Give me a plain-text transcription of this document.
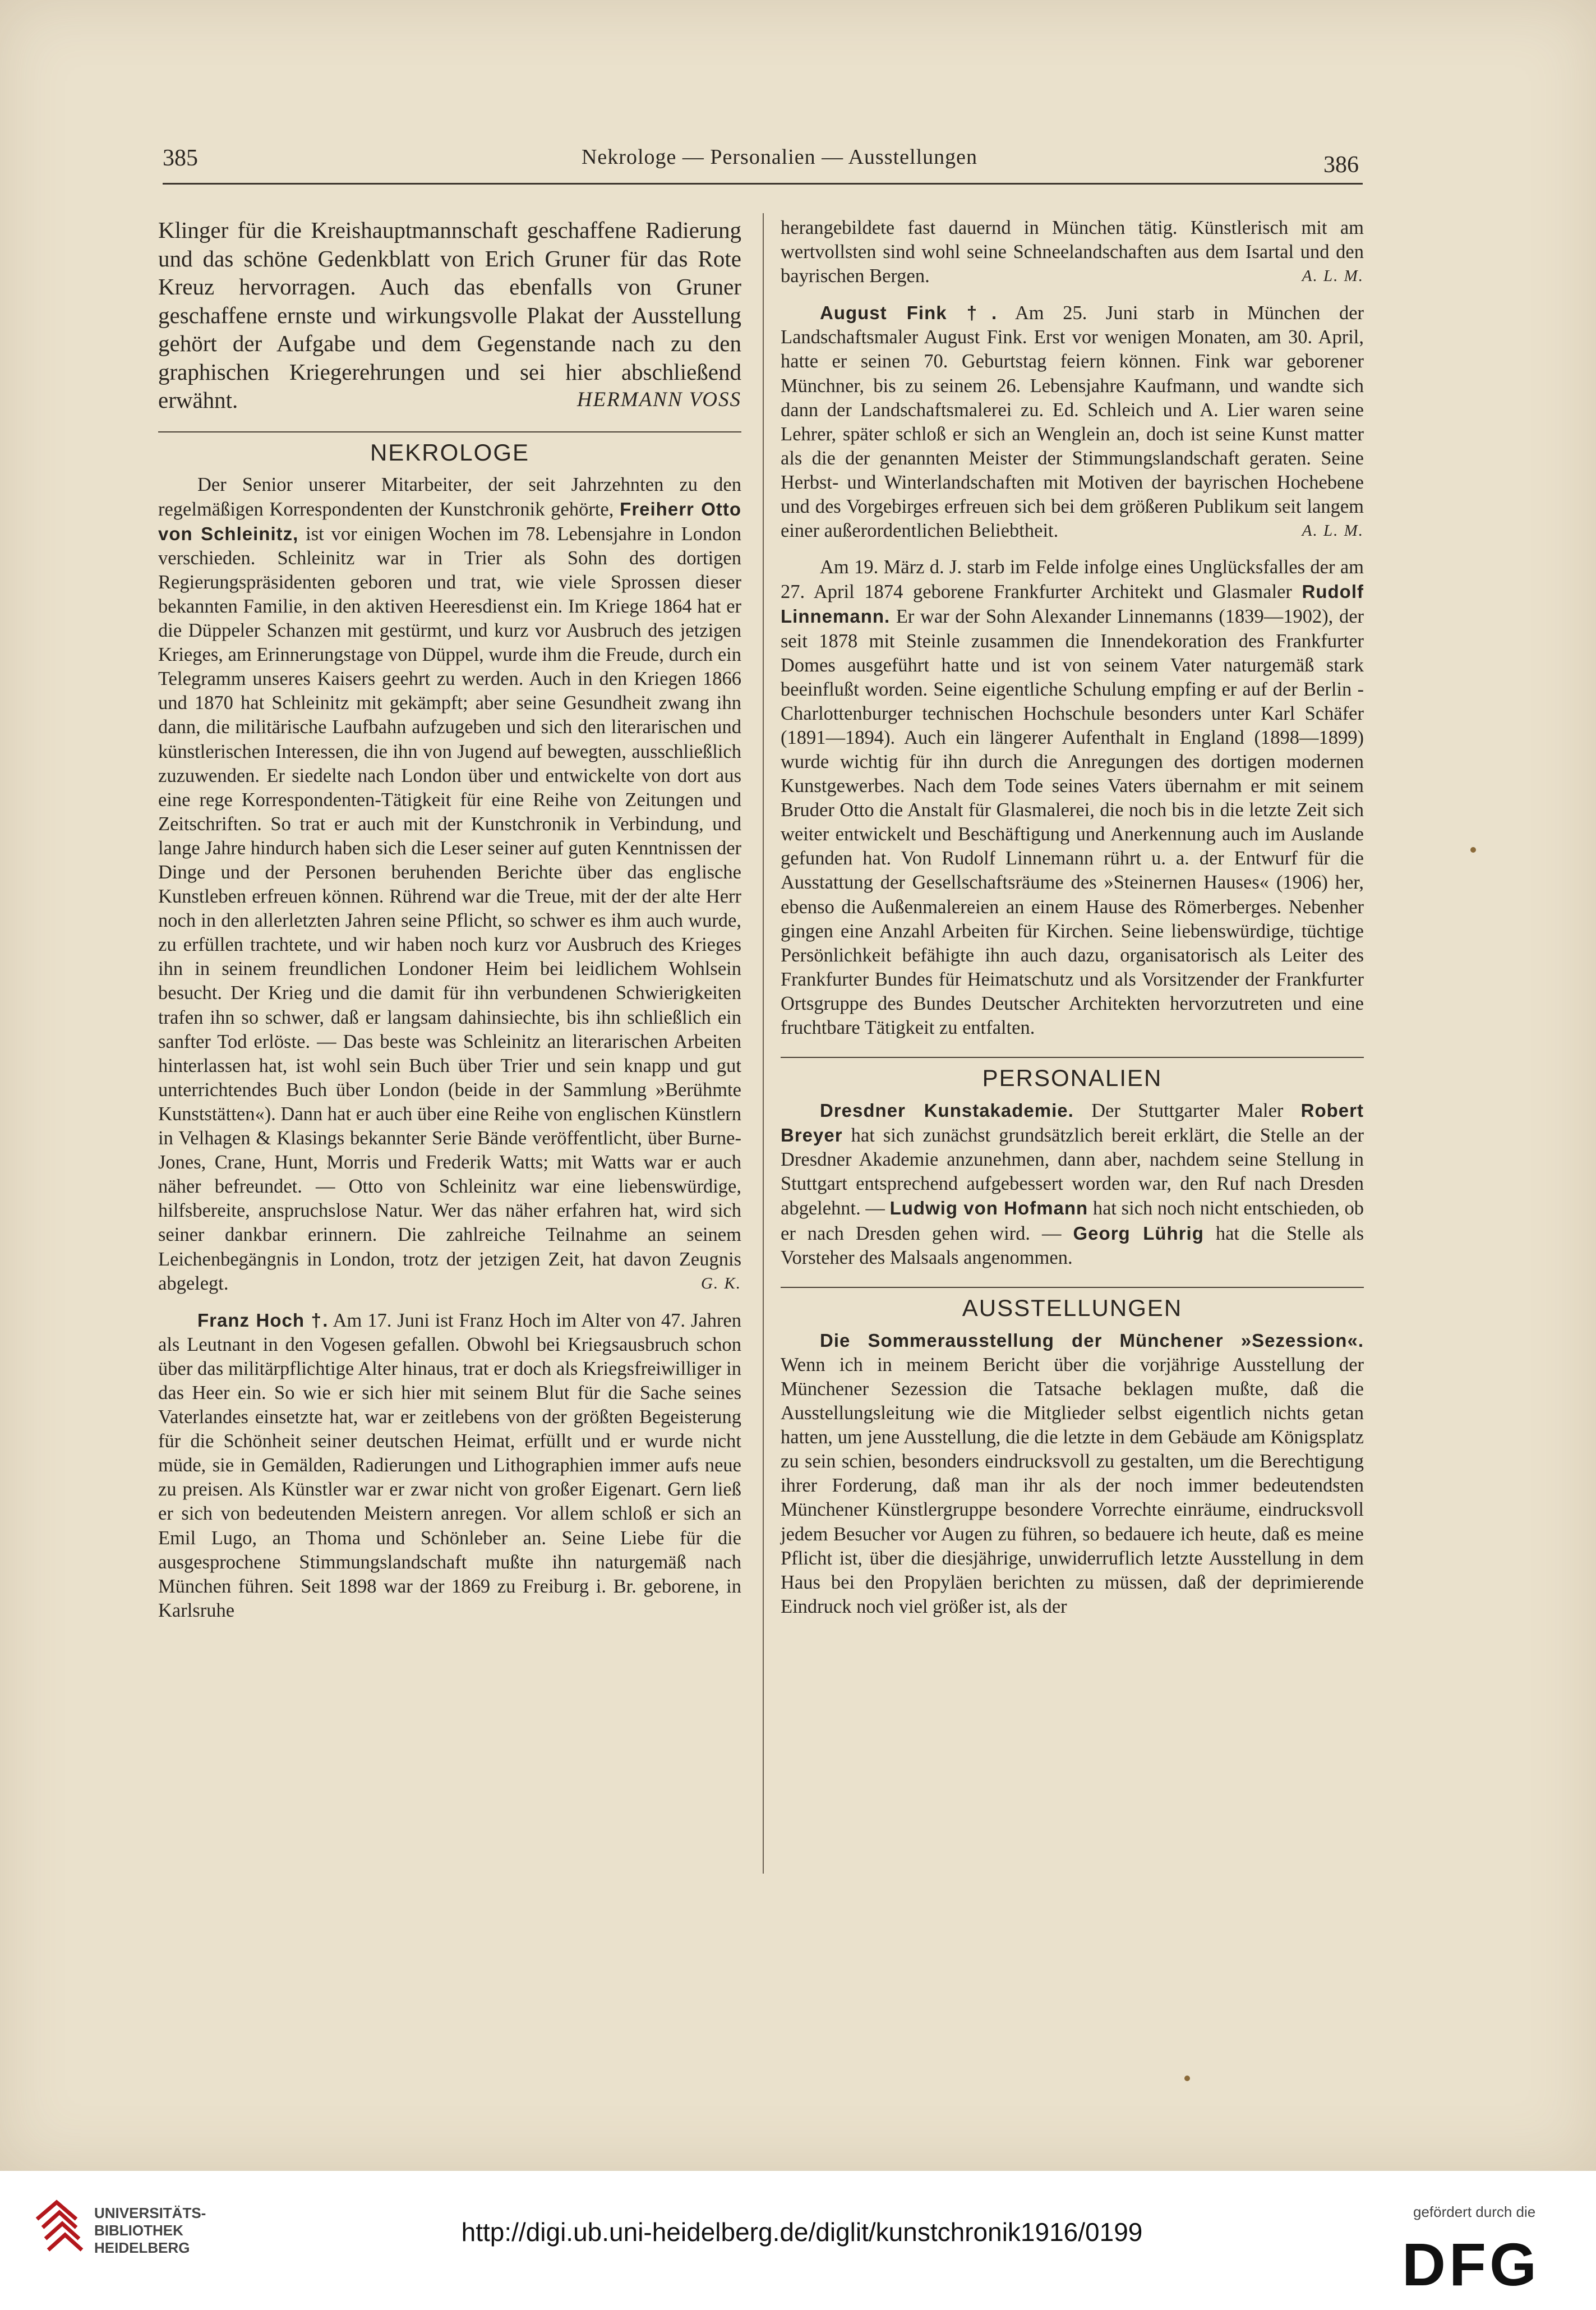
385	Nekrologe — Personalien — Ausstellungen	386

Klinger für die Kreishauptmannschaft geschaffene Radierung und das schöne Gedenkblatt von Erich Gruner für das Rote Kreuz hervorragen. Auch das ebenfalls von Gruner geschaffene ernste und wirkungsvolle Plakat der Ausstellung gehört der Aufgabe und dem Gegenstande nach zu den graphischen Kriegerehrungen und sei hier abschließend erwähnt.	HERMANN VOSS

NEKROLOGE

Der Senior unserer Mitarbeiter, der seit Jahrzehnten zu den regelmäßigen Korrespondenten der Kunstchronik gehörte, Freiherr Otto von Schleinitz, ist vor einigen Wochen im 78. Lebensjahre in London verschieden. Schleinitz war in Trier als Sohn des dortigen Regierungspräsidenten geboren und trat, wie viele Sprossen dieser bekannten Familie, in den aktiven Heeresdienst ein. Im Kriege 1864 hat er die Düppeler Schanzen mit gestürmt, und kurz vor Ausbruch des jetzigen Krieges, am Erinnerungstage von Düppel, wurde ihm die Freude, durch ein Telegramm unseres Kaisers geehrt zu werden. Auch in den Kriegen 1866 und 1870 hat Schleinitz mit gekämpft; aber seine Gesundheit zwang ihn dann, die militärische Laufbahn aufzugeben und sich den literarischen und künstlerischen Interessen, die ihn von Jugend auf bewegten, ausschließlich zuzuwenden. Er siedelte nach London über und entwickelte von dort aus eine rege Korrespondenten-Tätigkeit für eine Reihe von Zeitungen und Zeitschriften. So trat er auch mit der Kunstchronik in Verbindung, und lange Jahre hindurch haben sich die Leser seiner auf guten Kenntnissen der Dinge und der Personen beruhenden Berichte über das englische Kunstleben erfreuen können. Rührend war die Treue, mit der der alte Herr noch in den allerletzten Jahren seine Pflicht, so schwer es ihm auch wurde, zu erfüllen trachtete, und wir haben noch kurz vor Ausbruch des Krieges ihn in seinem freundlichen Londoner Heim bei leidlichem Wohlsein besucht. Der Krieg und die damit für ihn verbundenen Schwierigkeiten trafen ihn so schwer, daß er langsam dahinsiechte, bis ihn schließlich ein sanfter Tod erlöste. — Das beste was Schleinitz an literarischen Arbeiten hinterlassen hat, ist wohl sein Buch über Trier und sein knapp und gut unterrichtendes Buch über London (beide in der Sammlung »Berühmte Kunststätten«). Dann hat er auch über eine Reihe von englischen Künstlern in Velhagen & Klasings bekannter Serie Bände veröffentlicht, über Burne-Jones, Crane, Hunt, Morris und Frederik Watts; mit Watts war er auch näher befreundet. — Otto von Schleinitz war eine liebenswürdige, hilfsbereite, anspruchslose Natur. Wer das näher erfahren hat, wird sich seiner dankbar erinnern. Die zahlreiche Teilnahme an seinem Leichenbegängnis in London, trotz der jetzigen Zeit, hat davon Zeugnis abgelegt.	G. K.

Franz Hoch †. Am 17. Juni ist Franz Hoch im Alter von 47. Jahren als Leutnant in den Vogesen gefallen. Obwohl bei Kriegsausbruch schon über das militärpflichtige Alter hinaus, trat er doch als Kriegsfreiwilliger in das Heer ein. So wie er sich hier mit seinem Blut für die Sache seines Vaterlandes einsetzte hat, war er zeitlebens von der größten Begeisterung für die Schönheit seiner deutschen Heimat, erfüllt und er wurde nicht müde, sie in Gemälden, Radierungen und Lithographien immer aufs neue zu preisen. Als Künstler war er zwar nicht von großer Eigenart. Gern ließ er sich von bedeutenden Meistern anregen. Vor allem schloß er sich an Emil Lugo, an Thoma und Schönleber an. Seine Liebe für die ausgesprochene Stimmungslandschaft mußte ihn naturgemäß nach München führen. Seit 1898 war der 1869 zu Freiburg i. Br. geborene, in Karlsruhe

herangebildete fast dauernd in München tätig. Künstlerisch mit am wertvollsten sind wohl seine Schneelandschaften aus dem Isartal und den bayrischen Bergen.	A. L. M.

August Fink †. Am 25. Juni starb in München der Landschaftsmaler August Fink. Erst vor wenigen Monaten, am 30. April, hatte er seinen 70. Geburtstag feiern können. Fink war geborener Münchner, bis zu seinem 26. Lebensjahre Kaufmann, und wandte sich dann der Landschaftsmalerei zu. Ed. Schleich und A. Lier waren seine Lehrer, später schloß er sich an Wenglein an, doch ist seine Kunst matter als die der genannten Meister der Stimmungslandschaft geraten. Seine Herbst- und Winterlandschaften mit Motiven der bayrischen Hochebene und des Vorgebirges erfreuen sich bei dem größeren Publikum seit langem einer außerordentlichen Beliebtheit.	A. L. M.

Am 19. März d. J. starb im Felde infolge eines Unglücksfalles der am 27. April 1874 geborene Frankfurter Architekt und Glasmaler Rudolf Linnemann. Er war der Sohn Alexander Linnemanns (1839—1902), der seit 1878 mit Steinle zusammen die Innendekoration des Frankfurter Domes ausgeführt hatte und ist von seinem Vater naturgemäß stark beeinflußt worden. Seine eigentliche Schulung empfing er auf der Berlin - Charlottenburger technischen Hochschule besonders unter Karl Schäfer (1891—1894). Auch ein längerer Aufenthalt in England (1898—1899) wurde wichtig für ihn durch die Anregungen des dortigen modernen Kunstgewerbes. Nach dem Tode seines Vaters übernahm er mit seinem Bruder Otto die Anstalt für Glasmalerei, die noch bis in die letzte Zeit sich weiter entwickelt und Beschäftigung und Anerkennung auch im Auslande gefunden hat. Von Rudolf Linnemann rührt u. a. der Entwurf für die Ausstattung der Gesellschaftsräume des »Steinernen Hauses« (1906) her, ebenso die Außenmalereien an einem Hause des Römerberges. Nebenher gingen eine Anzahl Arbeiten für Kirchen. Seine liebenswürdige, tüchtige Persönlichkeit befähigte ihn auch dazu, organisatorisch als Leiter des Frankfurter Bundes für Heimatschutz und als Vorsitzender der Frankfurter Ortsgruppe des Bundes Deutscher Architekten hervorzutreten und eine fruchtbare Tätigkeit zu entfalten.

PERSONALIEN

Dresdner Kunstakademie. Der Stuttgarter Maler Robert Breyer hat sich zunächst grundsätzlich bereit erklärt, die Stelle an der Dresdner Akademie anzunehmen, dann aber, nachdem seine Stellung in Stuttgart entsprechend aufgebessert worden war, den Ruf nach Dresden abgelehnt. — Ludwig von Hofmann hat sich noch nicht entschieden, ob er nach Dresden gehen wird. — Georg Lührig hat die Stelle als Vorsteher des Malsaals angenommen.

AUSSTELLUNGEN

Die Sommerausstellung der Münchener »Sezession«. Wenn ich in meinem Bericht über die vorjährige Ausstellung der Münchener Sezession die Tatsache beklagen mußte, daß die Ausstellungsleitung wie die Mitglieder selbst eigentlich nichts getan hatten, um jene Ausstellung, die die letzte in dem Gebäude am Königsplatz zu sein schien, besonders eindrucksvoll zu gestalten, um die Berechtigung ihrer Forderung, daß man ihr als der noch immer bedeutendsten Münchener Künstlergruppe besondere Vorrechte einräume, eindrucksvoll jedem Besucher vor Augen zu führen, so bedauere ich heute, daß es meine Pflicht ist, über die diesjährige, unwiderruflich letzte Ausstellung in dem Haus bei den Propyläen berichten zu müssen, daß der deprimierende Eindruck noch viel größer ist, als der

UNIVERSITÄTS-
BIBLIOTHEK
HEIDELBERG
http://digi.ub.uni-heidelberg.de/diglit/kunstchronik1916/0199
gefördert durch die
DFG
